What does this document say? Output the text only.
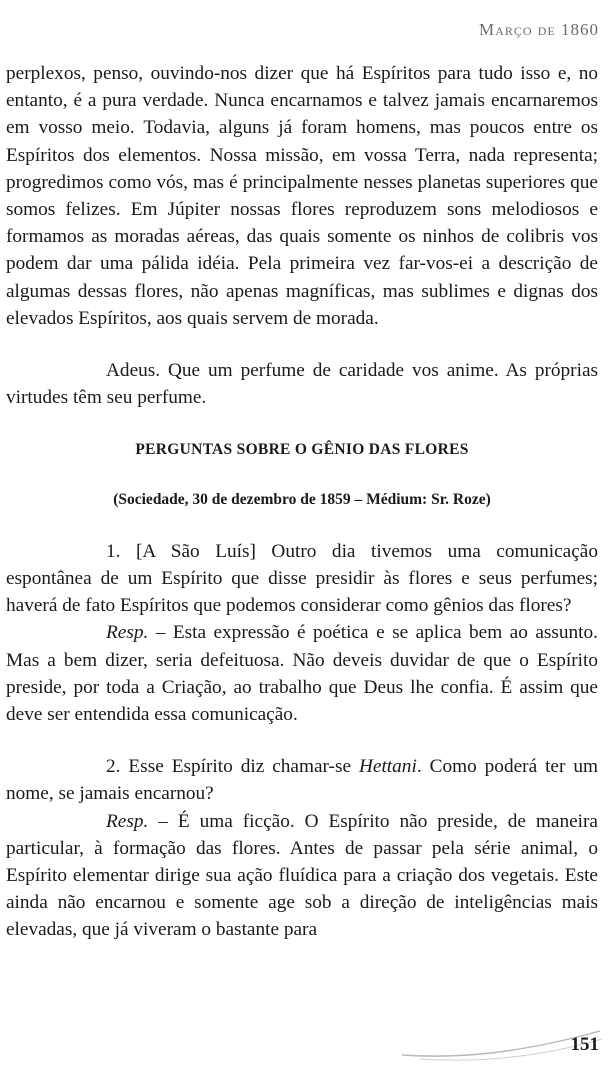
Março de 1860

perplexos, penso, ouvindo-nos dizer que há Espíritos para tudo isso e, no entanto, é a pura verdade. Nunca encarnamos e talvez jamais encarnaremos em vosso meio. Todavia, alguns já foram homens, mas poucos entre os Espíritos dos elementos. Nossa missão, em vossa Terra, nada representa; progredimos como vós, mas é principalmente nesses planetas superiores que somos felizes. Em Júpiter nossas flores reproduzem sons melodiosos e formamos as moradas aéreas, das quais somente os ninhos de colibris vos podem dar uma pálida idéia. Pela primeira vez far-vos-ei a descrição de algumas dessas flores, não apenas magníficas, mas sublimes e dignas dos elevados Espíritos, aos quais servem de morada.

Adeus. Que um perfume de caridade vos anime. As próprias virtudes têm seu perfume.

PERGUNTAS SOBRE O GÊNIO DAS FLORES

(Sociedade, 30 de dezembro de 1859 – Médium: Sr. Roze)

1. [A São Luís] Outro dia tivemos uma comunicação espontânea de um Espírito que disse presidir às flores e seus perfumes; haverá de fato Espíritos que podemos considerar como gênios das flores?

Resp. – Esta expressão é poética e se aplica bem ao assunto. Mas a bem dizer, seria defeituosa. Não deveis duvidar de que o Espírito preside, por toda a Criação, ao trabalho que Deus lhe confia. É assim que deve ser entendida essa comunicação.

2. Esse Espírito diz chamar-se Hettani. Como poderá ter um nome, se jamais encarnou?

Resp. – É uma ficção. O Espírito não preside, de maneira particular, à formação das flores. Antes de passar pela série animal, o Espírito elementar dirige sua ação fluídica para a criação dos vegetais. Este ainda não encarnou e somente age sob a direção de inteligências mais elevadas, que já viveram o bastante para

151
